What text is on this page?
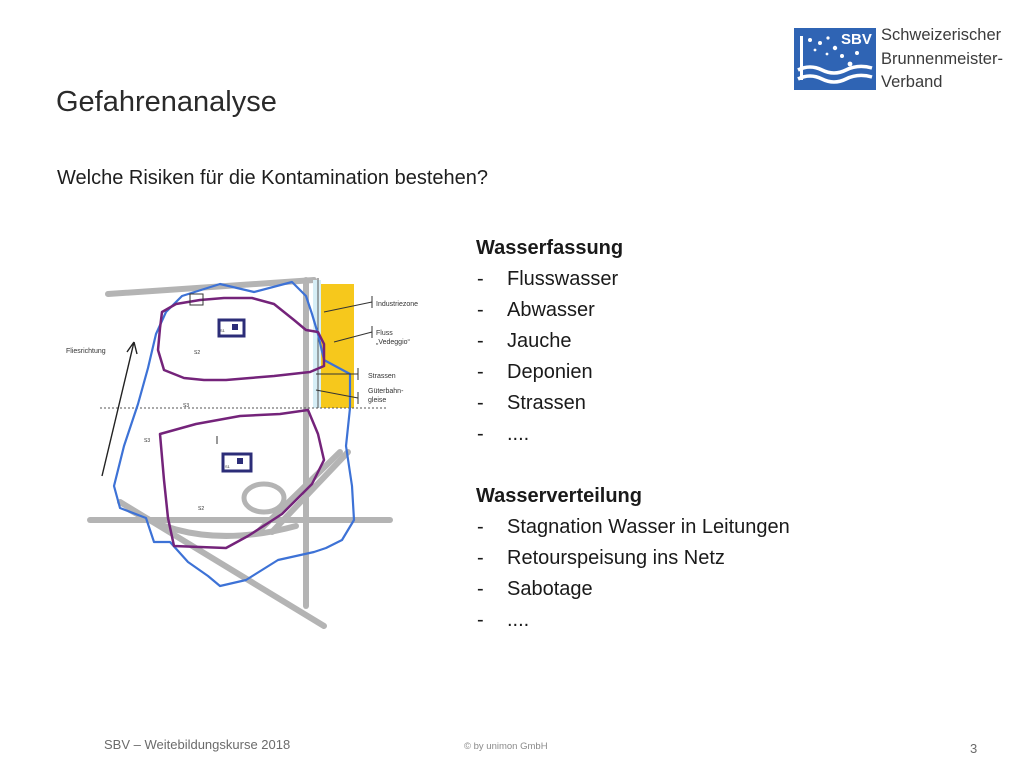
SBV Schweizerischer
Brunnenmeister-
Verband
Gefahrenanalyse
Welche Risiken für die Kontamination bestehen?
Fliesrichtung
Industriezone
Fluss
„Vedeggio“
Strassen
Güterbahn-
gleise
S1
S2
S3
S3
S1
S2
Wasserfassung
- Flusswasser
- Abwasser
- Jauche
- Deponien
- Strassen
- ....
Wasserverteilung
- Stagnation Wasser in Leitungen
- Retourspeisung ins Netz
- Sabotage
- ....
SBV – Weitebildungskurse 2018	© by unimon GmbH	3
